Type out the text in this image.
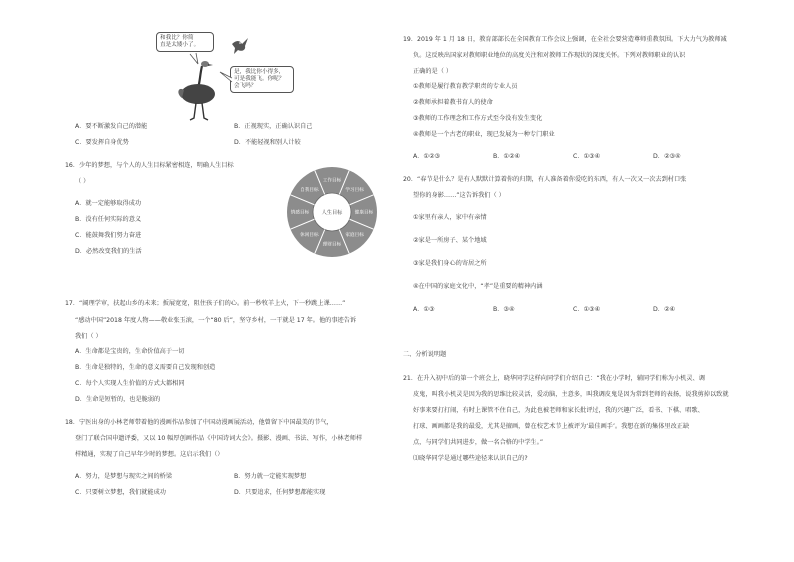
和我比？你简
直是太矮小了。
是，我比你小得多，
可是我能飞。你呢？
会飞吗？
A．要不断激发自己的潜能	B．正视现实，正确认识自己
C．要发挥自身优势	D．不能轻视和别人计较
16．少年的梦想，与个人的人生目标紧密相连，明确人生目标
（ ）
A．就一定能够取得成功
B．没有任何实际的意义
C．能鼓舞我们努力奋进
D．必然改变我们的生活
工作目标
学习目标
健康目标
家庭目标
理财目标
休闲目标
情感目标
自我目标
人生目标
17．“阔理学审，扶起山乡的未来；扳展宽宽，阻住孩子们的心。前一秒牧羊上火，下一秒跳上课……”
“感动中国”2018 年度人物——敬业张玉滚，一个“80 后”，坚守乡村，一干就是 17 年。他的事迹告诉
我们（ ）
A．生命都是宝贵的，生命价值高于一切
B．生命是独特的，生命的意义需要自己发现和创造
C．每个人实现人生价值的方式大都相同
D．生命是短暂的，也是脆弱的
18．宁医出身的小林老师带着他的漫画作品参加了中国动漫画展活动，他曾留下中国最美的节气，
登门了联合国申遗评委，又以 10 幅厚创画作品《中国诗词大会》。摄影、漫画、书法、写作，小林老师样
样精通，实现了自己早年少时的梦想。这启示我们（）
A．努力，是梦想与现实之间的桥梁	B．努力就一定能实现梦想
C．只要树立梦想，我们就能成功	D．只要追求，任何梦想都能实现
19．2019 年 1 月 18 日，教育部部长在全国教育工作会议上强调，在全社会要营造尊师重教氛围。下大力气为教师减
负。这反映出国家对教师职业地位的高度关注和对教师工作现状的深度关怀。下列对教师职业的认识
正确的是（ ）
①教师是履行教育教学职责的专业人员
②教师承担着教书育人的使命
③教师的工作理念和工作方式至今没有发生变化
④教师是一个古老的职业，现已发展为一种专门职业
A．①②③	B．①②④	C．①③④	D．②③④
20．“春节是什么？是有人默默计算着你的归期，有人准备着你爱吃的东西，有人一次又一次去到村口张
望你的身影……”这告诉我们（ ）
①家里有亲人，家中有亲情
②家是一所房子、某个地域
③家是我们身心的寄居之所
④在中国的家庭文化中，“孝”是重要的精神内涵
A．①③	B．③④	C．①③④	D．②④
二、分析说明题
21．在升入初中后的第一个班会上，晓华同学这样向同学们介绍自己：“我在小学时，辅同学们称为小机灵、调
皮鬼，叫我小机灵是因为我的思维比较灵活，爱动脑，主意多，叫我调皮鬼是因为常到老师的表扬，说我剪掉以致就
好事来要打打闹，有时上课管不住自己，为此也被老师和家长批评过，我的兴趣广泛，看书、下棋、唱歌、
打球、画画都是我的最爱，尤其是擅画，曾在校艺术节上被评为‘最佳画手’。我想在新的集体里改正缺
点，与同学们共同进步，做一名合格的中学生。”
⑴晓华同学是通过哪些途径来认识自己的?
